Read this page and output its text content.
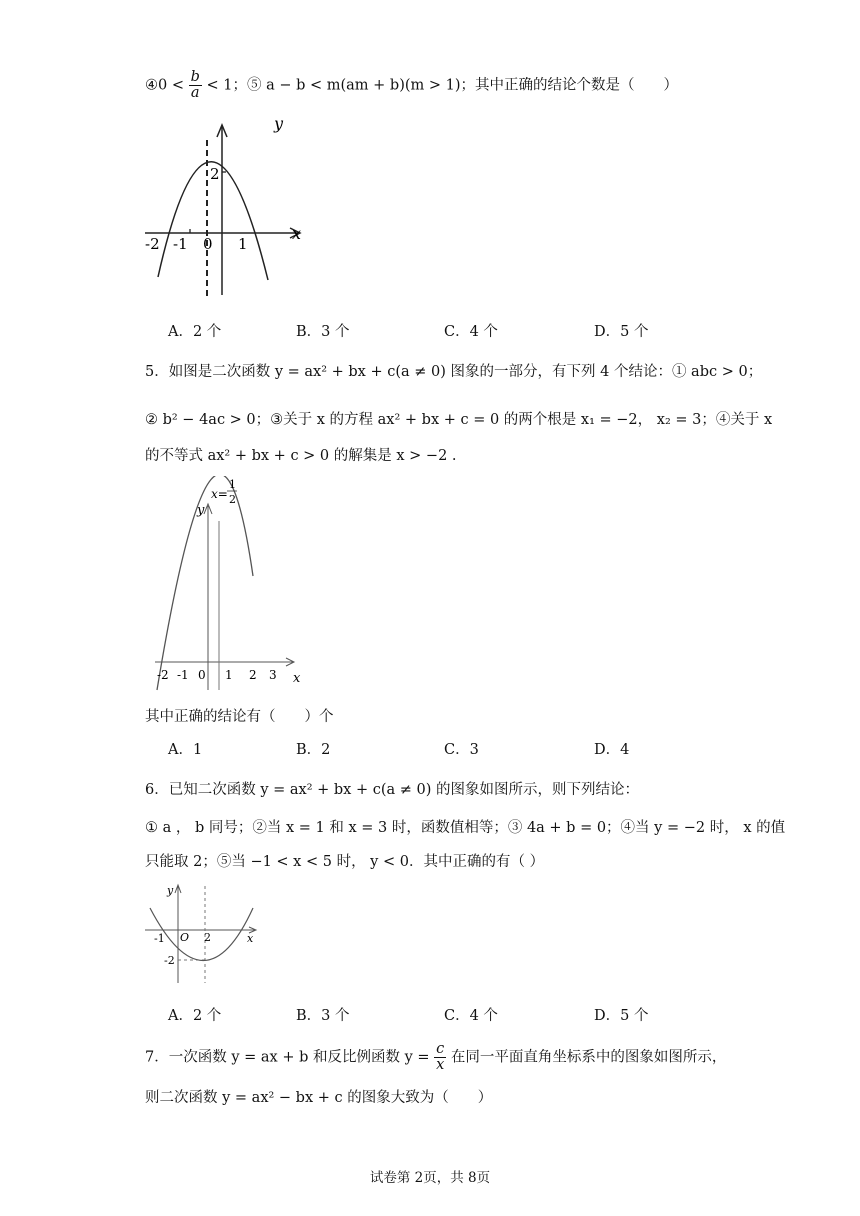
④0 < $\frac{b}{a} < 1$；⑤ a − b < m(am + b)(m > 1)；其中正确的结论个数是（　　）
y
x
2
-2 -1 0 1
A．2 个	B．3 个	C．4 个	D．5 个
5．如图是二次函数 y = ax² + bx + c(a ≠ 0) 图象的一部分，有下列 4 个结论：① abc > 0；
② b² − 4ac > 0；③关于 x 的方程 ax² + bx + c = 0 的两个根是 x₁ = −2， x₂ = 3；④关于 x
的不等式 ax² + bx + c > 0 的解集是 x > −2 .
x=
1
2
y
x
-2 -1 0 1 2 3
其中正确的结论有（　　）个
A．1	B．2	C．3	D．4
6．已知二次函数 y = ax² + bx + c(a ≠ 0) 的图象如图所示，则下列结论：
① a ， b 同号；②当 x = 1 和 x = 3 时，函数值相等；③ 4a + b = 0；④当 y = −2 时， x 的值
只能取 2；⑤当 −1 < x < 5 时， y < 0．其中正确的有（ ）
y
x
-1 O 2
-2
A．2 个	B．3 个	C．4 个	D．5 个
7．一次函数 y = ax + b 和反比例函数 $y = \frac{c}{x}$ 在同一平面直角坐标系中的图象如图所示，
则二次函数 y = ax² − bx + c 的图象大致为（　　）
试卷第 2页，共 8页
